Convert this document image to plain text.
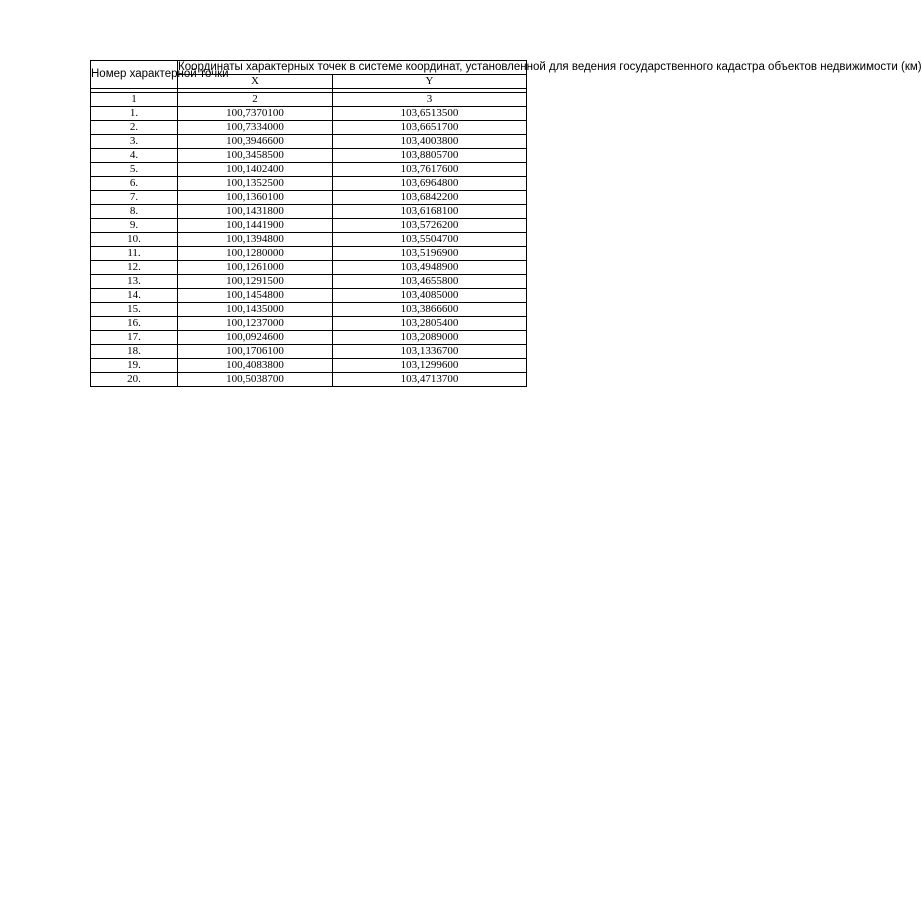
Номер характерной точки	Координаты характерных точек в системе координат, установленной для ведения государственного кадастра объектов недвижимости (км)	
	X	Y

1	2	3
1.	100,7370100	103,6513500
2.	100,7334000	103,6651700
3.	100,3946600	103,4003800
4.	100,3458500	103,8805700
5.	100,1402400	103,7617600
6.	100,1352500	103,6964800
7.	100,1360100	103,6842200
8.	100,1431800	103,6168100
9.	100,1441900	103,5726200
10.	100,1394800	103,5504700
11.	100,1280000	103,5196900
12.	100,1261000	103,4948900
13.	100,1291500	103,4655800
14.	100,1454800	103,4085000
15.	100,1435000	103,3866600
16.	100,1237000	103,2805400
17.	100,0924600	103,2089000
18.	100,1706100	103,1336700
19.	100,4083800	103,1299600
20.	100,5038700	103,4713700
